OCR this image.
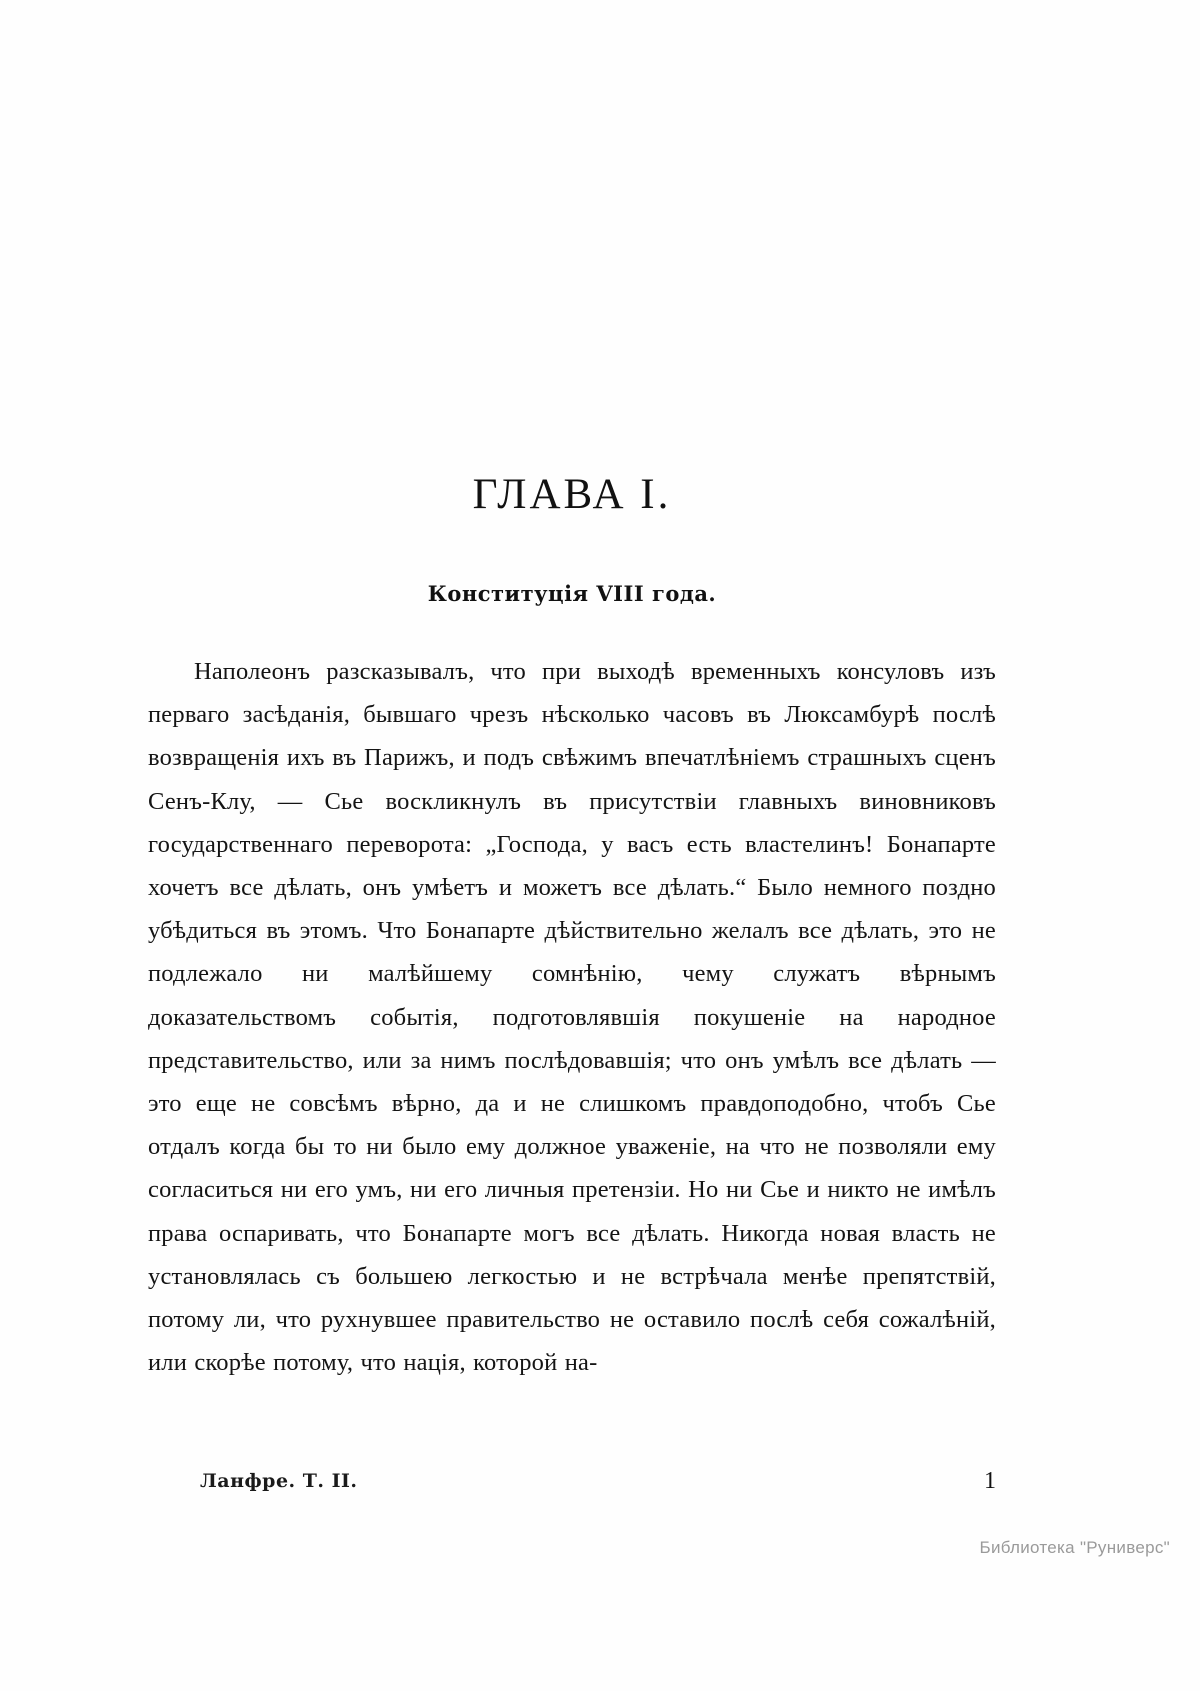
ГЛАВА I.
Конституція VIII года.

Наполеонъ разсказывалъ, что при выходѣ временныхъ консуловъ изъ перваго засѣданія, бывшаго чрезъ нѣсколько часовъ въ Люксамбурѣ послѣ возвращенія ихъ въ Парижъ, и подъ свѣжимъ впечатлѣніемъ страшныхъ сценъ Сенъ-Клу, — Сье воскликнулъ въ присутствіи главныхъ виновниковъ государственнаго переворота: „Господа, у васъ есть властелинъ! Бонапарте хочетъ все дѣлать, онъ умѣетъ и можетъ все дѣлать.“ Было немного поздно убѣдиться въ этомъ. Что Бонапарте дѣйствительно желалъ все дѣлать, это не подлежало ни малѣйшему сомнѣнію, чему служатъ вѣрнымъ доказательствомъ событія, подготовлявшія покушеніе на народное представительство, или за нимъ послѣдовавшія; что онъ умѣлъ все дѣлать — это еще не совсѣмъ вѣрно, да и не слишкомъ правдоподобно, чтобъ Сье отдалъ когда бы то ни было ему должное уваженіе, на что не позволяли ему согласиться ни его умъ, ни его личныя претензіи. Но ни Сье и никто не имѣлъ права оспаривать, что Бонапарте могъ все дѣлать. Никогда новая власть не установлялась съ большею легкостью и не встрѣчала менѣе препятствій, потому ли, что рухнувшее правительство не оставило послѣ себя сожалѣній, или скорѣе потому, что нація, которой на-

Ланфре. Т. II.	1
Библиотека "Руниверс"
